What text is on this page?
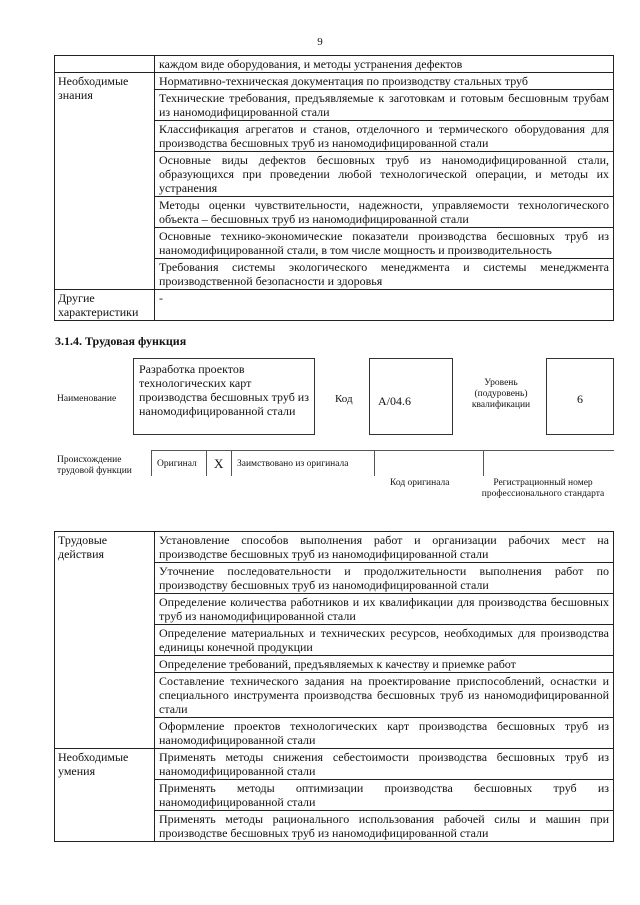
9
	каждом виде оборудования, и методы устранения дефектов
Необходимые знания	Нормативно-техническая документация по производству стальных труб
	Технические требования, предъявляемые к заготовкам и готовым бесшовным трубам из наномодифицированной стали
	Классификация агрегатов и станов, отделочного и термического оборудования для производства бесшовных труб из наномодифицированной стали
	Основные виды дефектов бесшовных труб из наномодифицированной стали, образующихся при проведении любой технологической операции, и методы их устранения
	Методы оценки чувствительности, надежности, управляемости технологического объекта – бесшовных труб из наномодифицированной стали
	Основные технико-экономические показатели производства бесшовных труб из наномодифицированной стали, в том числе мощность и производительность
	Требования системы экологического менеджмента и системы менеджмента производственной безопасности и здоровья
Другие характеристики	-
3.1.4. Трудовая функция
Наименование
Разработка проектов технологических карт производства бесшовных труб из наномодифицированной стали
Код	A/04.6
Уровень (подуровень) квалификации	6
Происхождение трудовой функции
Оригинал X Заимствовано из оригинала
Код оригинала	Регистрационный номер профессионального стандарта
Трудовые действия	Установление способов выполнения работ и организации рабочих мест на производстве бесшовных труб из наномодифицированной стали
	Уточнение последовательности и продолжительности выполнения работ по производству бесшовных труб из наномодифицированной стали
	Определение количества работников и их квалификации для производства бесшовных труб из наномодифицированной стали
	Определение материальных и технических ресурсов, необходимых для производства единицы конечной продукции
	Определение требований, предъявляемых к качеству и приемке работ
	Составление технического задания на проектирование приспособлений, оснастки и специального инструмента производства бесшовных труб из наномодифицированной стали
	Оформление проектов технологических карт производства бесшовных труб из наномодифицированной стали
Необходимые умения	Применять методы снижения себестоимости производства бесшовных труб из наномодифицированной стали
	Применять методы оптимизации производства бесшовных труб из наномодифицированной стали
	Применять методы рационального использования рабочей силы и машин при производстве бесшовных труб из наномодифицированной стали
